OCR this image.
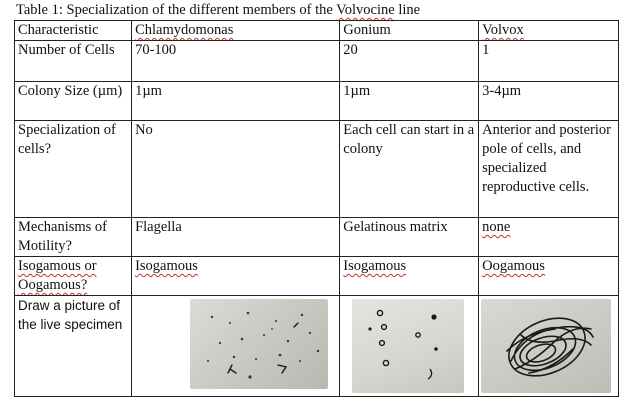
Table 1: Specialization of the different members of the Volvocine line
Characteristic	Chlamydomonas	Gonium	Volvox
Number of Cells	70-100	20	1
Colony Size (µm)	1µm	1µm	3-4µm
Specialization of cells?	No	Each cell can start in a colony	Anterior and posterior pole of cells, and specialized reproductive cells.
Mechanisms of Motility?	Flagella	Gelatinous matrix	none
Isogamous or Oogamous?	Isogamous	Isogamous	Oogamous
Draw a picture of the live specimen	
